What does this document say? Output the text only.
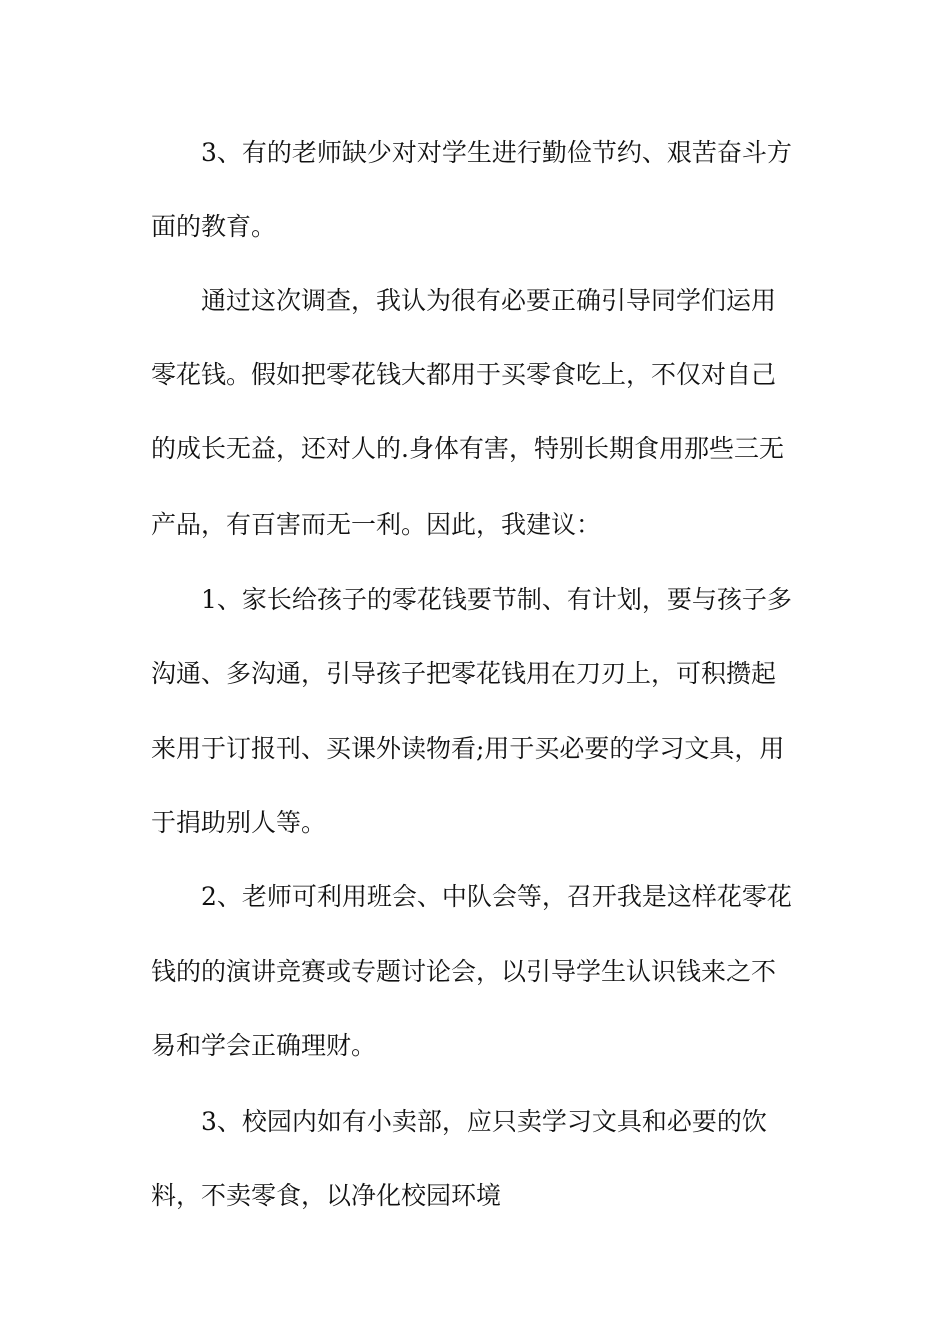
3、有的老师缺少对对学生进行勤俭节约、艰苦奋斗方
面的教育。
通过这次调查，我认为很有必要正确引导同学们运用
零花钱。假如把零花钱大都用于买零食吃上，不仅对自己
的成长无益，还对人的.身体有害，特别长期食用那些三无
产品，有百害而无一利。因此，我建议：
1、家长给孩子的零花钱要节制、有计划，要与孩子多
沟通、多沟通，引导孩子把零花钱用在刀刃上，可积攒起
来用于订报刊、买课外读物看;用于买必要的学习文具，用
于捐助别人等。
2、老师可利用班会、中队会等，召开我是这样花零花
钱的的演讲竞赛或专题讨论会，以引导学生认识钱来之不
易和学会正确理财。
3、校园内如有小卖部，应只卖学习文具和必要的饮
料，不卖零食，以净化校园环境
